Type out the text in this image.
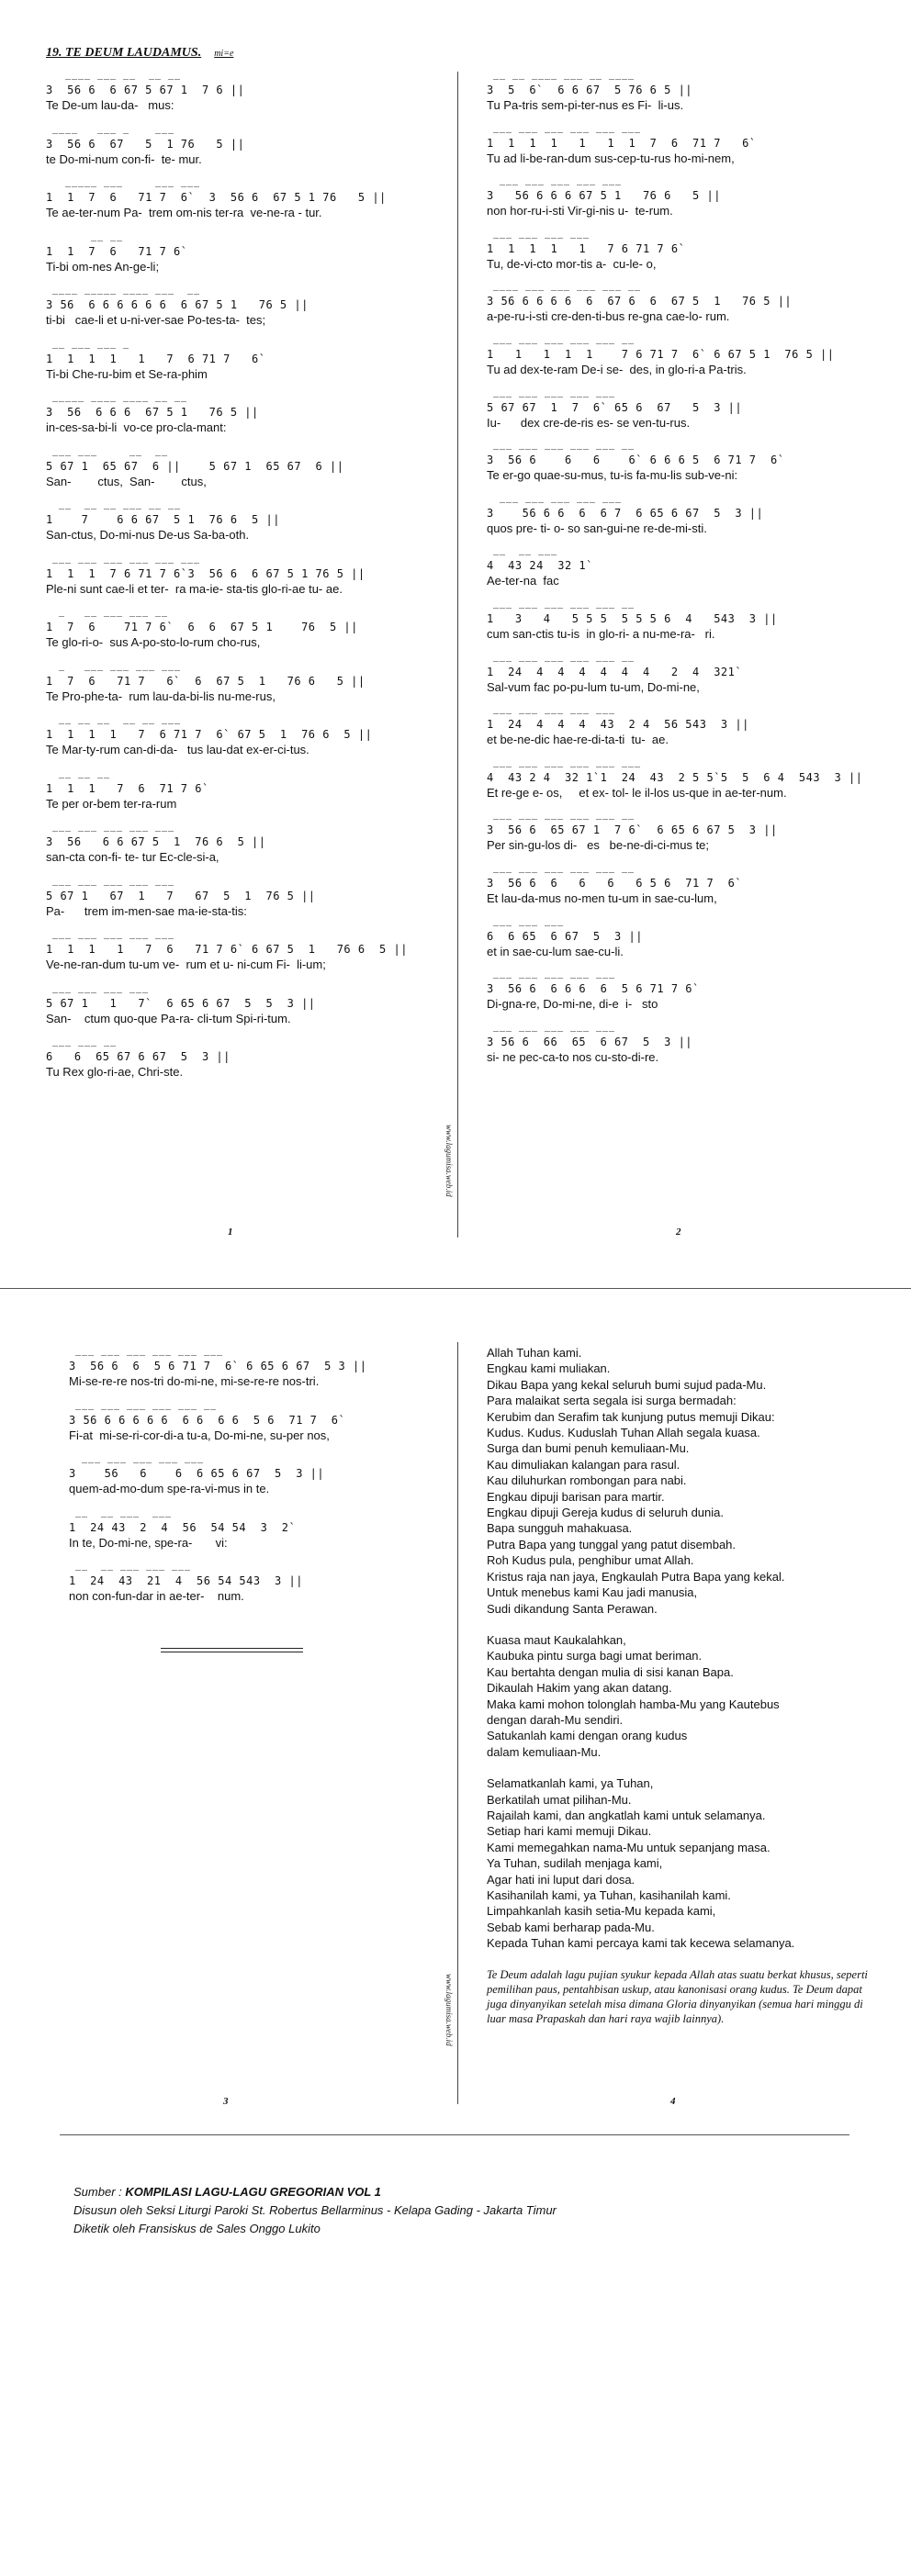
19. TE DEUM LAUDAMUS. mi=e
____ ___ __  __ __
3  56 6  6 67 5 67 1  7 6 ||
Te De-um lau-da-   mus:
____   ___ _    ___
3  56 6  67   5  1 76   5 ||
te Do-mi-num con-fi-  te- mur.
_____ ___     ___ ___
1  1  7  6   71 7  6`  3  56 6  67 5 1 76   5 ||
Te ae-ter-num Pa-  trem om-nis ter-ra  ve-ne-ra - tur.
__ __
1  1  7  6   71 7 6`
Ti-bi om-nes An-ge-li;
____ _____ ____ ___  __
3 56  6 6 6 6 6 6  6 67 5 1   76 5 ||
ti-bi   cae-li et u-ni-ver-sae Po-tes-ta-  tes;
__ ___ ___ _
1  1  1  1   1   7  6 71 7   6`
Ti-bi Che-ru-bim et Se-ra-phim
_____ ____ ____ __ __
3  56  6 6 6  67 5 1   76 5 ||
in-ces-sa-bi-li  vo-ce pro-cla-mant:
___ ___     __  __
5 67 1  65 67  6 ||    5 67 1  65 67  6 ||
San-        ctus,  San-        ctus,
__  __ __ ___ __ __
1    7    6 6 67  5 1  76 6  5 ||
San-ctus, Do-mi-nus De-us Sa-ba-oth.
___ ___ ___ ___ ___ ___
1  1  1  7 6 71 7 6`3  56 6  6 67 5 1 76 5 ||
Ple-ni sunt cae-li et ter-  ra ma-ie- sta-tis glo-ri-ae tu- ae.
_   __ ___ ___ __
1  7  6    71 7 6`  6  6  67 5 1    76  5 ||
Te glo-ri-o-  sus A-po-sto-lo-rum cho-rus,
_   ___ ___ ___ ___
1  7  6   71 7   6`  6  67 5  1   76 6   5 ||
Te Pro-phe-ta-  rum lau-da-bi-lis nu-me-rus,
__ __ __  __ __ ___
1  1  1  1   7  6 71 7  6` 67 5  1  76 6  5 ||
Te Mar-ty-rum can-di-da-   tus lau-dat ex-er-ci-tus.
__ __ __
1  1  1   7  6  71 7 6`
Te per or-bem ter-ra-rum
___ ___ ___ ___ ___
3  56   6 6 67 5  1  76 6  5 ||
san-cta con-fi- te- tur Ec-cle-si-a,
___ ___ ___ ___ ___
5 67 1   67  1   7   67  5  1  76 5 ||
Pa-      trem im-men-sae ma-ie-sta-tis:
___ ___ ___ ___ ___
1  1  1   1   7  6   71 7 6` 6 67 5  1   76 6  5 ||
Ve-ne-ran-dum tu-um ve-  rum et u- ni-cum Fi-  li-um;
___ ___ ___ ___
5 67 1   1   7`  6 65 6 67  5  5  3 ||
San-    ctum quo-que Pa-ra- cli-tum Spi-ri-tum.
___ ___ __
6   6  65 67 6 67  5  3 ||
Tu Rex glo-ri-ae, Chri-ste.
1
www.lagumisa.web.id
__ __ ____ ___ __ ____
3  5  6`  6 6 67  5 76 6 5 ||
Tu Pa-tris sem-pi-ter-nus es Fi-  li-us.
___ ___ ___ ___ ___ ___
1  1  1  1   1   1  1  7  6  71 7   6`
Tu ad li-be-ran-dum sus-cep-tu-rus ho-mi-nem,
___ ___ ___ ___ ___
3   56 6 6 6 67 5 1   76 6   5 ||
non hor-ru-i-sti Vir-gi-nis u-  te-rum.
___ ___ ___ ___
1  1  1  1   1   7 6 71 7 6`
Tu, de-vi-cto mor-tis a-  cu-le- o,
____ ___ ___ ___ ___ __
3 56 6 6 6 6  6  67 6  6  67 5  1   76 5 ||
a-pe-ru-i-sti cre-den-ti-bus re-gna cae-lo- rum.
___ ___ ___ ___ ___ __
1   1   1  1  1    7 6 71 7  6` 6 67 5 1  76 5 ||
Tu ad dex-te-ram De-i se-  des, in glo-ri-a Pa-tris.
___ ___ ___ ___ ___
5 67 67  1  7  6` 65 6  67   5  3 ||
Iu-      dex cre-de-ris es- se ven-tu-rus.
___ ___ ___ ___ ___ __
3  56 6    6   6    6` 6 6 6 5  6 71 7  6`
Te er-go quae-su-mus, tu-is fa-mu-lis sub-ve-ni:
___ ___ ___ ___ ___
3    56 6 6  6  6 7  6 65 6 67  5  3 ||
quos pre- ti- o- so san-gui-ne re-de-mi-sti.
__  __ ___
4  43 24  32 1`
Ae-ter-na  fac
___ ___ ___ ___ ___ __
1   3   4   5 5 5  5 5 5 6  4   543  3 ||
cum san-ctis tu-is  in glo-ri- a nu-me-ra-   ri.
___ ___ ___ ___ ___ __
1  24  4  4  4  4  4  4   2  4  321`
Sal-vum fac po-pu-lum tu-um, Do-mi-ne,
___ ___ ___ ___ ___
1  24  4  4  4  43  2 4  56 543  3 ||
et be-ne-dic hae-re-di-ta-ti  tu-  ae.
___ ___ ___ ___ ___ ___
4  43 2 4  32 1`1  24  43  2 5 5`5  5  6 4  543  3 ||
Et re-ge e- os,     et ex- tol- le il-los us-que in ae-ter-num.
___ ___ ___ ___ ___ __
3  56 6  65 67 1  7 6`  6 65 6 67 5  3 ||
Per sin-gu-los di-   es   be-ne-di-ci-mus te;
___ ___ ___ ___ ___ __
3  56 6  6   6   6   6 5 6  71 7  6`
Et lau-da-mus no-men tu-um in sae-cu-lum,
___ ___ ___
6  6 65  6 67  5  3 ||
et in sae-cu-lum sae-cu-li.
___ ___ ___ ___ ___
3  56 6  6 6 6  6  5 6 71 7 6`
Di-gna-re, Do-mi-ne, di-e  i-   sto
___ ___ ___ ___ ___
3 56 6  66  65  6 67  5  3 ||
si- ne pec-ca-to nos cu-sto-di-re.
2
___ ___ ___ ___ ___ ___
3  56 6  6  5 6 71 7  6` 6 65 6 67  5 3 ||
Mi-se-re-re nos-tri do-mi-ne, mi-se-re-re nos-tri.
___ ___ ___ ___ ___ __
3 56 6 6 6 6 6  6 6  6 6  5 6  71 7  6`
Fi-at  mi-se-ri-cor-di-a tu-a, Do-mi-ne, su-per nos,
___ ___ ___ ___ ___
3    56   6    6  6 65 6 67  5  3 ||
quem-ad-mo-dum spe-ra-vi-mus in te.
__  __ ___  ___
1  24 43  2  4  56  54 54  3  2`
In te, Do-mi-ne, spe-ra-       vi:
__  __ ___ ___ ___
1  24  43  21  4  56 54 543  3 ||
non con-fun-dar in ae-ter-    num.
3
www.lagumisa.web.id
Allah Tuhan kami.
Engkau kami muliakan.
Dikau Bapa yang kekal seluruh bumi sujud pada-Mu.
Para malaikat serta segala isi surga bermadah:
Kerubim dan Serafim tak kunjung putus memuji Dikau:
Kudus. Kudus. Kuduslah Tuhan Allah segala kuasa.
Surga dan bumi penuh kemuliaan-Mu.
Kau dimuliakan kalangan para rasul.
Kau diluhurkan rombongan para nabi.
Engkau dipuji barisan para martir.
Engkau dipuji Gereja kudus di seluruh dunia.
Bapa sungguh mahakuasa.
Putra Bapa yang tunggal yang patut disembah.
Roh Kudus pula, penghibur umat Allah.
Kristus raja nan jaya, Engkaulah Putra Bapa yang kekal.
Untuk menebus kami Kau jadi manusia,
Sudi dikandung Santa Perawan.
Kuasa maut Kaukalahkan,
Kaubuka pintu surga bagi umat beriman.
Kau bertahta dengan mulia di sisi kanan Bapa.
Dikaulah Hakim yang akan datang.
Maka kami mohon tolonglah hamba-Mu yang Kautebus
dengan darah-Mu sendiri.
Satukanlah kami dengan orang kudus
dalam kemuliaan-Mu.
Selamatkanlah kami, ya Tuhan,
Berkatilah umat pilihan-Mu.
Rajailah kami, dan angkatlah kami untuk selamanya.
Setiap hari kami memuji Dikau.
Kami memegahkan nama-Mu untuk sepanjang masa.
Ya Tuhan, sudilah menjaga kami,
Agar hati ini luput dari dosa.
Kasihanilah kami, ya Tuhan, kasihanilah kami.
Limpahkanlah kasih setia-Mu kepada kami,
Sebab kami berharap pada-Mu.
Kepada Tuhan kami percaya kami tak kecewa selamanya.
Te Deum adalah lagu pujian syukur kepada Allah atas suatu berkat khusus, seperti pemilihan paus, pentahbisan uskup, atau kanonisasi orang kudus. Te Deum dapat juga dinyanyikan setelah misa dimana Gloria dinyanyikan (semua hari minggu di luar masa Prapaskah dan hari raya wajib lainnya).
4
Sumber : KOMPILASI LAGU-LAGU GREGORIAN VOL 1
Disusun oleh Seksi Liturgi Paroki St. Robertus Bellarminus - Kelapa Gading - Jakarta Timur
Diketik oleh Fransiskus de Sales Onggo Lukito
